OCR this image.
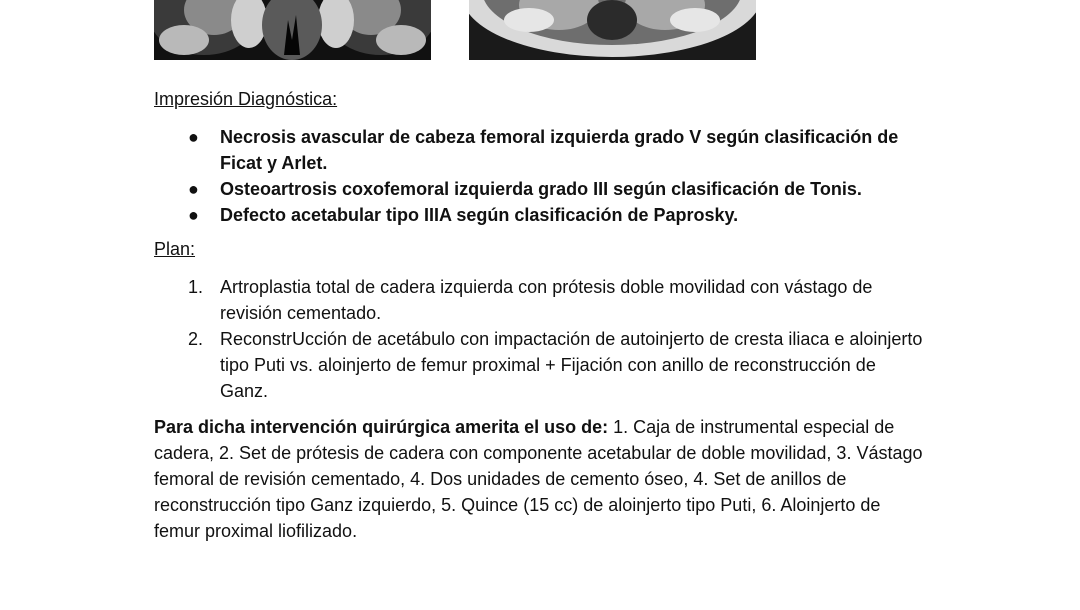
Impresión Diagnóstica:
● Necrosis avascular de cabeza femoral izquierda grado V según clasificación de Ficat y Arlet.
● Osteoartrosis coxofemoral izquierda grado III según clasificación de Tonis.
● Defecto acetabular tipo IIIA según clasificación de Paprosky.
Plan:
1. Artroplastia total de cadera izquierda con prótesis doble movilidad con vástago de revisión cementado.
2. ReconstrUcción de acetábulo con impactación de autoinjerto de cresta iliaca e aloinjerto tipo Puti vs. aloinjerto de femur proximal + Fijación con anillo de reconstrucción de Ganz.

Para dicha intervención quirúrgica amerita el uso de: 1. Caja de instrumental especial de cadera, 2. Set de prótesis de cadera con componente acetabular de doble movilidad, 3. Vástago femoral de revisión cementado, 4. Dos unidades de cemento óseo, 4. Set de anillos de reconstrucción tipo Ganz izquierdo, 5. Quince (15 cc) de aloinjerto tipo Puti, 6. Aloinjerto de femur proximal liofilizado.
